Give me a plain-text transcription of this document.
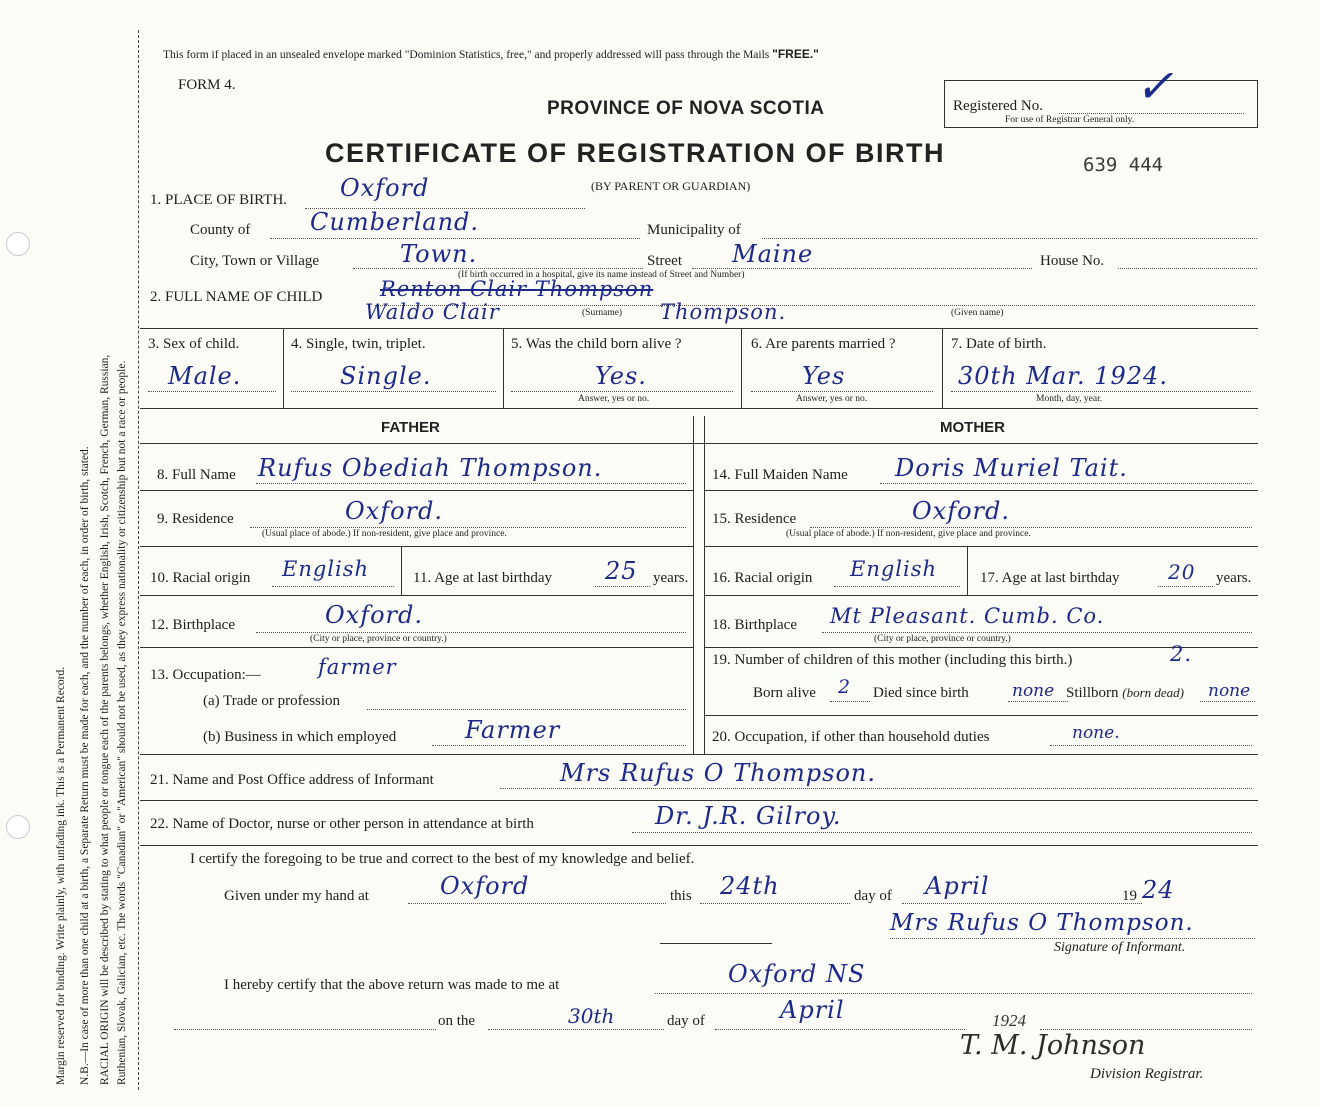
Margin reserved for binding. Write plainly, with unfading ink. This is a Permanent Record. N.B.—In case of more than one child at a birth, a Separate Return must be made for each, and the number of each, in order of birth, stated. RACIAL ORIGIN will be described by stating to what people or tongue each of the parents belongs, whether English, Irish, Scotch, French, German, Russian, Ruthenian, Slovak, Galician, etc. The words "Canadian" or "American" should not be used, as they express nationality or citizenship but not a race or people.
This form if placed in an unsealed envelope marked "Dominion Statistics, free," and properly addressed will pass through the Mails "FREE."
FORM 4.
PROVINCE OF NOVA SCOTIA
CERTIFICATE OF REGISTRATION OF BIRTH
(BY PARENT OR GUARDIAN)
Registered No.
For use of Registrar General only.
✓
639 444
1. PLACE OF BIRTH. Oxford
County of Cumberland.	Municipality of
City, Town or Village	Town.	Street Maine	House No.
(If birth occurred in a hospital, give its name instead of Street and Number)
2. FULL NAME OF CHILD	Renton Clair Thompson
Waldo Clair	Thompson.
(Surname)	(Given name)
3. Sex of child.
Male.
4. Single, twin, triplet.
Single.
5. Was the child born alive ?
Yes.
Answer, yes or no.
6. Are parents married ?
Yes
Answer, yes or no.
7. Date of birth.
30th Mar. 1924.
Month, day, year.
FATHER	MOTHER
8. Full Name Rufus Obediah Thompson.
9. Residence	Oxford.
(Usual place of abode.) If non-resident, give place and province.
10. Racial origin English	11. Age at last birthday 25 years.
12. Birthplace	Oxford.
(City or place, province or country.)
13. Occupation:—	farmer
(a) Trade or profession
(b) Business in which employed	Farmer
14. Full Maiden Name Doris Muriel Tait.
15. Residence	Oxford.
(Usual place of abode.) If non-resident, give place and province.
16. Racial origin English	17. Age at last birthday 20 years.
18. Birthplace Mt Pleasant. Cumb. Co.
(City or place, province or country.)
19. Number of children of this mother (including this birth.)	2.
Born alive 2 Died since birth	none Stillborn (born dead) none
20. Occupation, if other than household duties	none.
21. Name and Post Office address of Informant	Mrs Rufus O Thompson.
22. Name of Doctor, nurse or other person in attendance at birth	Dr. J.R. Gilroy.
I certify the foregoing to be true and correct to the best of my knowledge and belief.
Given under my hand at	Oxford	this 24th	day of April	19 24
Mrs Rufus O Thompson.
Signature of Informant.
I hereby certify that the above return was made to me at	Oxford NS
on the	30th	day of	April	1924
T. M. Johnson
Division Registrar.
